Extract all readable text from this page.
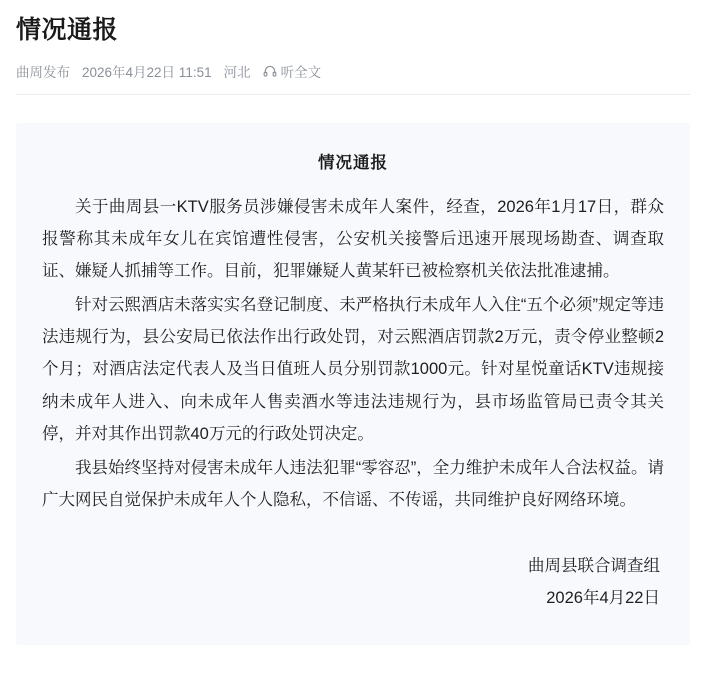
情况通报
曲周发布 2026年4月22日 11:51 河北 听全文
情况通报

关于曲周县一KTV服务员涉嫌侵害未成年人案件，经查，2026年1月17日，群众报警称其未成年女儿在宾馆遭性侵害，公安机关接警后迅速开展现场勘查、调查取证、嫌疑人抓捕等工作。目前，犯罪嫌疑人黄某轩已被检察机关依法批准逮捕。

针对云熙酒店未落实实名登记制度、未严格执行未成年人入住“五个必须”规定等违法违规行为，县公安局已依法作出行政处罚，对云熙酒店罚款2万元，责令停业整顿2个月；对酒店法定代表人及当日值班人员分别罚款1000元。针对星悦童话KTV违规接纳未成年人进入、向未成年人售卖酒水等违法违规行为，县市场监管局已责令其关停，并对其作出罚款40万元的行政处罚决定。

我县始终坚持对侵害未成年人违法犯罪“零容忍”，全力维护未成年人合法权益。请广大网民自觉保护未成年人个人隐私，不信谣、不传谣，共同维护良好网络环境。

曲周县联合调查组
2026年4月22日
